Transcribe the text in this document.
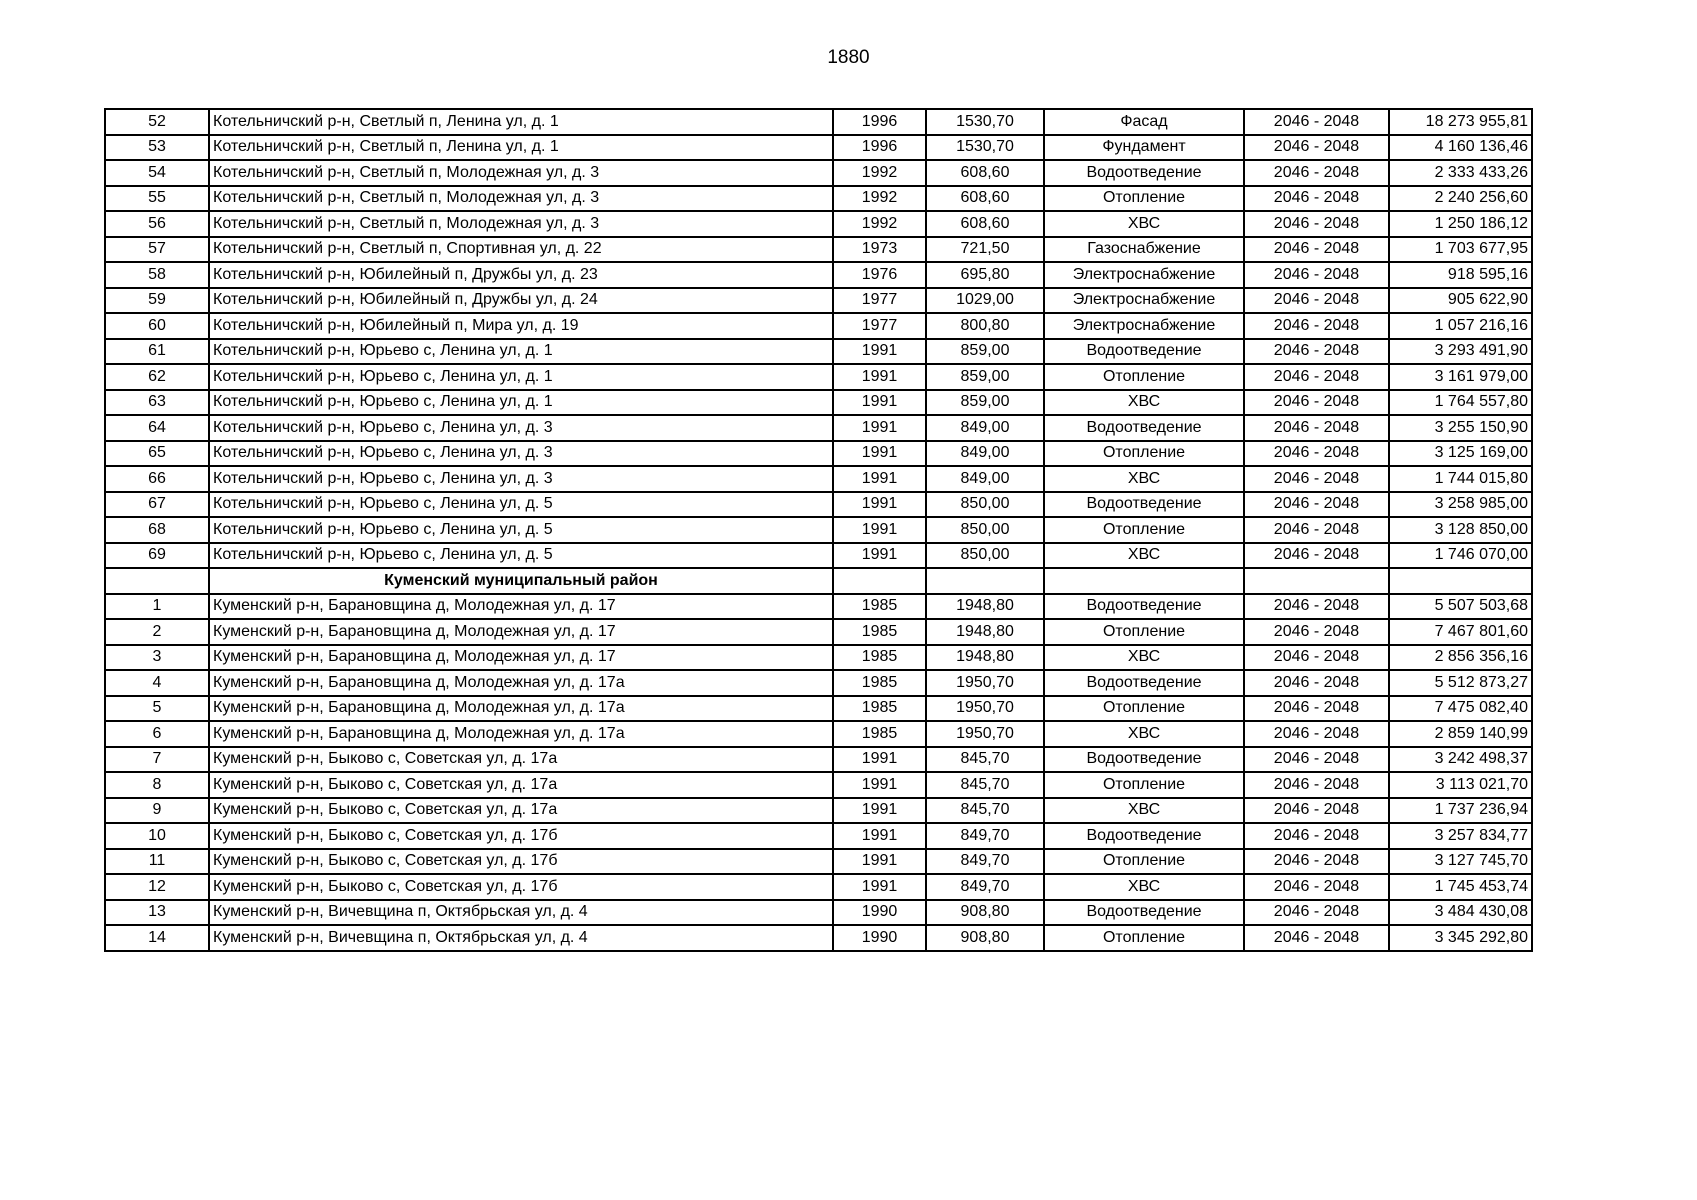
1880
52	Котельничский р-н, Светлый п, Ленина ул, д. 1	1996	1530,70	Фасад	2046 - 2048	18 273 955,81
53	Котельничский р-н, Светлый п, Ленина ул, д. 1	1996	1530,70	Фундамент	2046 - 2048	4 160 136,46
54	Котельничский р-н, Светлый п, Молодежная ул, д. 3	1992	608,60	Водоотведение	2046 - 2048	2 333 433,26
55	Котельничский р-н, Светлый п, Молодежная ул, д. 3	1992	608,60	Отопление	2046 - 2048	2 240 256,60
56	Котельничский р-н, Светлый п, Молодежная ул, д. 3	1992	608,60	ХВС	2046 - 2048	1 250 186,12
57	Котельничский р-н, Светлый п, Спортивная ул, д. 22	1973	721,50	Газоснабжение	2046 - 2048	1 703 677,95
58	Котельничский р-н, Юбилейный п, Дружбы ул, д. 23	1976	695,80	Электроснабжение	2046 - 2048	918 595,16
59	Котельничский р-н, Юбилейный п, Дружбы ул, д. 24	1977	1029,00	Электроснабжение	2046 - 2048	905 622,90
60	Котельничский р-н, Юбилейный п, Мира ул, д. 19	1977	800,80	Электроснабжение	2046 - 2048	1 057 216,16
61	Котельничский р-н, Юрьево с, Ленина ул, д. 1	1991	859,00	Водоотведение	2046 - 2048	3 293 491,90
62	Котельничский р-н, Юрьево с, Ленина ул, д. 1	1991	859,00	Отопление	2046 - 2048	3 161 979,00
63	Котельничский р-н, Юрьево с, Ленина ул, д. 1	1991	859,00	ХВС	2046 - 2048	1 764 557,80
64	Котельничский р-н, Юрьево с, Ленина ул, д. 3	1991	849,00	Водоотведение	2046 - 2048	3 255 150,90
65	Котельничский р-н, Юрьево с, Ленина ул, д. 3	1991	849,00	Отопление	2046 - 2048	3 125 169,00
66	Котельничский р-н, Юрьево с, Ленина ул, д. 3	1991	849,00	ХВС	2046 - 2048	1 744 015,80
67	Котельничский р-н, Юрьево с, Ленина ул, д. 5	1991	850,00	Водоотведение	2046 - 2048	3 258 985,00
68	Котельничский р-н, Юрьево с, Ленина ул, д. 5	1991	850,00	Отопление	2046 - 2048	3 128 850,00
69	Котельничский р-н, Юрьево с, Ленина ул, д. 5	1991	850,00	ХВС	2046 - 2048	1 746 070,00
	Куменский муниципальный район					
1	Куменский р-н, Барановщина д, Молодежная ул, д. 17	1985	1948,80	Водоотведение	2046 - 2048	5 507 503,68
2	Куменский р-н, Барановщина д, Молодежная ул, д. 17	1985	1948,80	Отопление	2046 - 2048	7 467 801,60
3	Куменский р-н, Барановщина д, Молодежная ул, д. 17	1985	1948,80	ХВС	2046 - 2048	2 856 356,16
4	Куменский р-н, Барановщина д, Молодежная ул, д. 17а	1985	1950,70	Водоотведение	2046 - 2048	5 512 873,27
5	Куменский р-н, Барановщина д, Молодежная ул, д. 17а	1985	1950,70	Отопление	2046 - 2048	7 475 082,40
6	Куменский р-н, Барановщина д, Молодежная ул, д. 17а	1985	1950,70	ХВС	2046 - 2048	2 859 140,99
7	Куменский р-н, Быково с, Советская ул, д. 17а	1991	845,70	Водоотведение	2046 - 2048	3 242 498,37
8	Куменский р-н, Быково с, Советская ул, д. 17а	1991	845,70	Отопление	2046 - 2048	3 113 021,70
9	Куменский р-н, Быково с, Советская ул, д. 17а	1991	845,70	ХВС	2046 - 2048	1 737 236,94
10	Куменский р-н, Быково с, Советская ул, д. 17б	1991	849,70	Водоотведение	2046 - 2048	3 257 834,77
11	Куменский р-н, Быково с, Советская ул, д. 17б	1991	849,70	Отопление	2046 - 2048	3 127 745,70
12	Куменский р-н, Быково с, Советская ул, д. 17б	1991	849,70	ХВС	2046 - 2048	1 745 453,74
13	Куменский р-н, Вичевщина п, Октябрьская ул, д. 4	1990	908,80	Водоотведение	2046 - 2048	3 484 430,08
14	Куменский р-н, Вичевщина п, Октябрьская ул, д. 4	1990	908,80	Отопление	2046 - 2048	3 345 292,80
